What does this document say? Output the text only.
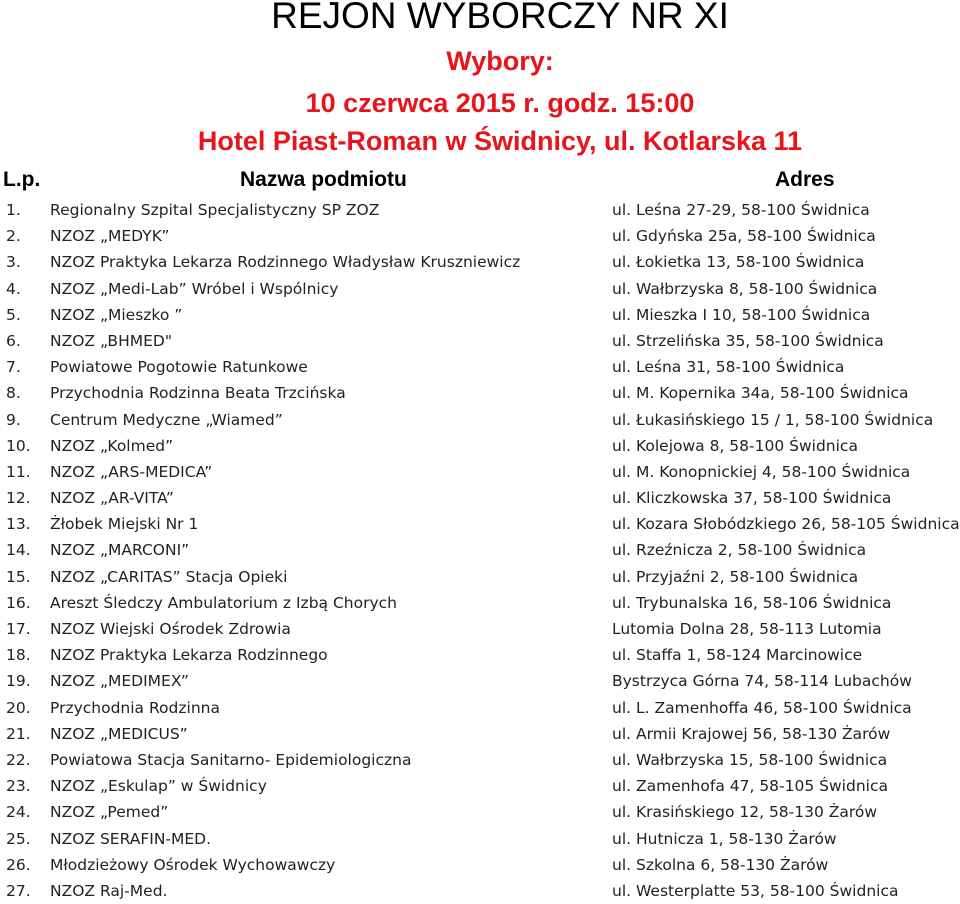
REJON WYBORCZY NR XI
Wybory:
10 czerwca 2015 r. godz. 15:00
Hotel Piast-Roman w Świdnicy, ul. Kotlarska 11
L.p.	Nazwa podmiotu	Adres
1. Regionalny Szpital Specjalistyczny SP ZOZ	ul. Leśna 27-29, 58-100 Świdnica
2. NZOZ „MEDYK”	ul. Gdyńska 25a, 58-100 Świdnica
3. NZOZ Praktyka Lekarza Rodzinnego Władysław Kruszniewicz	ul. Łokietka 13, 58-100 Świdnica
4. NZOZ „Medi-Lab” Wróbel i Wspólnicy	ul. Wałbrzyska 8, 58-100 Świdnica
5. NZOZ „Mieszko ”	ul. Mieszka I 10, 58-100 Świdnica
6. NZOZ „BHMED"	ul. Strzelińska 35, 58-100 Świdnica
7. Powiatowe Pogotowie Ratunkowe	ul. Leśna 31, 58-100 Świdnica
8. Przychodnia Rodzinna Beata Trzcińska	ul. M. Kopernika 34a, 58-100 Świdnica
9. Centrum Medyczne „Wiamed”	ul. Łukasińskiego 15 / 1, 58-100 Świdnica
10. NZOZ „Kolmed”	ul. Kolejowa 8, 58-100 Świdnica
11. NZOZ „ARS-MEDICA”	ul. M. Konopnickiej 4, 58-100 Świdnica
12. NZOZ „AR-VITA”	ul. Kliczkowska 37, 58-100 Świdnica
13. Żłobek Miejski Nr 1	ul. Kozara Słobódzkiego 26, 58-105 Świdnica
14. NZOZ „MARCONI”	ul. Rzeźnicza 2, 58-100 Świdnica
15. NZOZ „CARITAS” Stacja Opieki	ul. Przyjaźni 2, 58-100 Świdnica
16. Areszt Śledczy Ambulatorium z Izbą Chorych	ul. Trybunalska 16, 58-106 Świdnica
17. NZOZ Wiejski Ośrodek Zdrowia	Lutomia Dolna 28, 58-113 Lutomia
18. NZOZ Praktyka Lekarza Rodzinnego	ul. Staffa 1, 58-124 Marcinowice
19. NZOZ „MEDIMEX”	Bystrzyca Górna 74, 58-114 Lubachów
20. Przychodnia Rodzinna	ul. L. Zamenhoffa 46, 58-100 Świdnica
21. NZOZ „MEDICUS”	ul. Armii Krajowej 56, 58-130 Żarów
22. Powiatowa Stacja Sanitarno- Epidemiologiczna	ul. Wałbrzyska 15, 58-100 Świdnica
23. NZOZ „Eskulap” w Świdnicy	ul. Zamenhofa 47, 58-105 Świdnica
24. NZOZ „Pemed”	ul. Krasińskiego 12, 58-130 Żarów
25. NZOZ SERAFIN-MED.	ul. Hutnicza 1, 58-130 Żarów
26. Młodzieżowy Ośrodek Wychowawczy	ul. Szkolna 6, 58-130 Żarów
27. NZOZ Raj-Med.	ul. Westerplatte 53, 58-100 Świdnica
